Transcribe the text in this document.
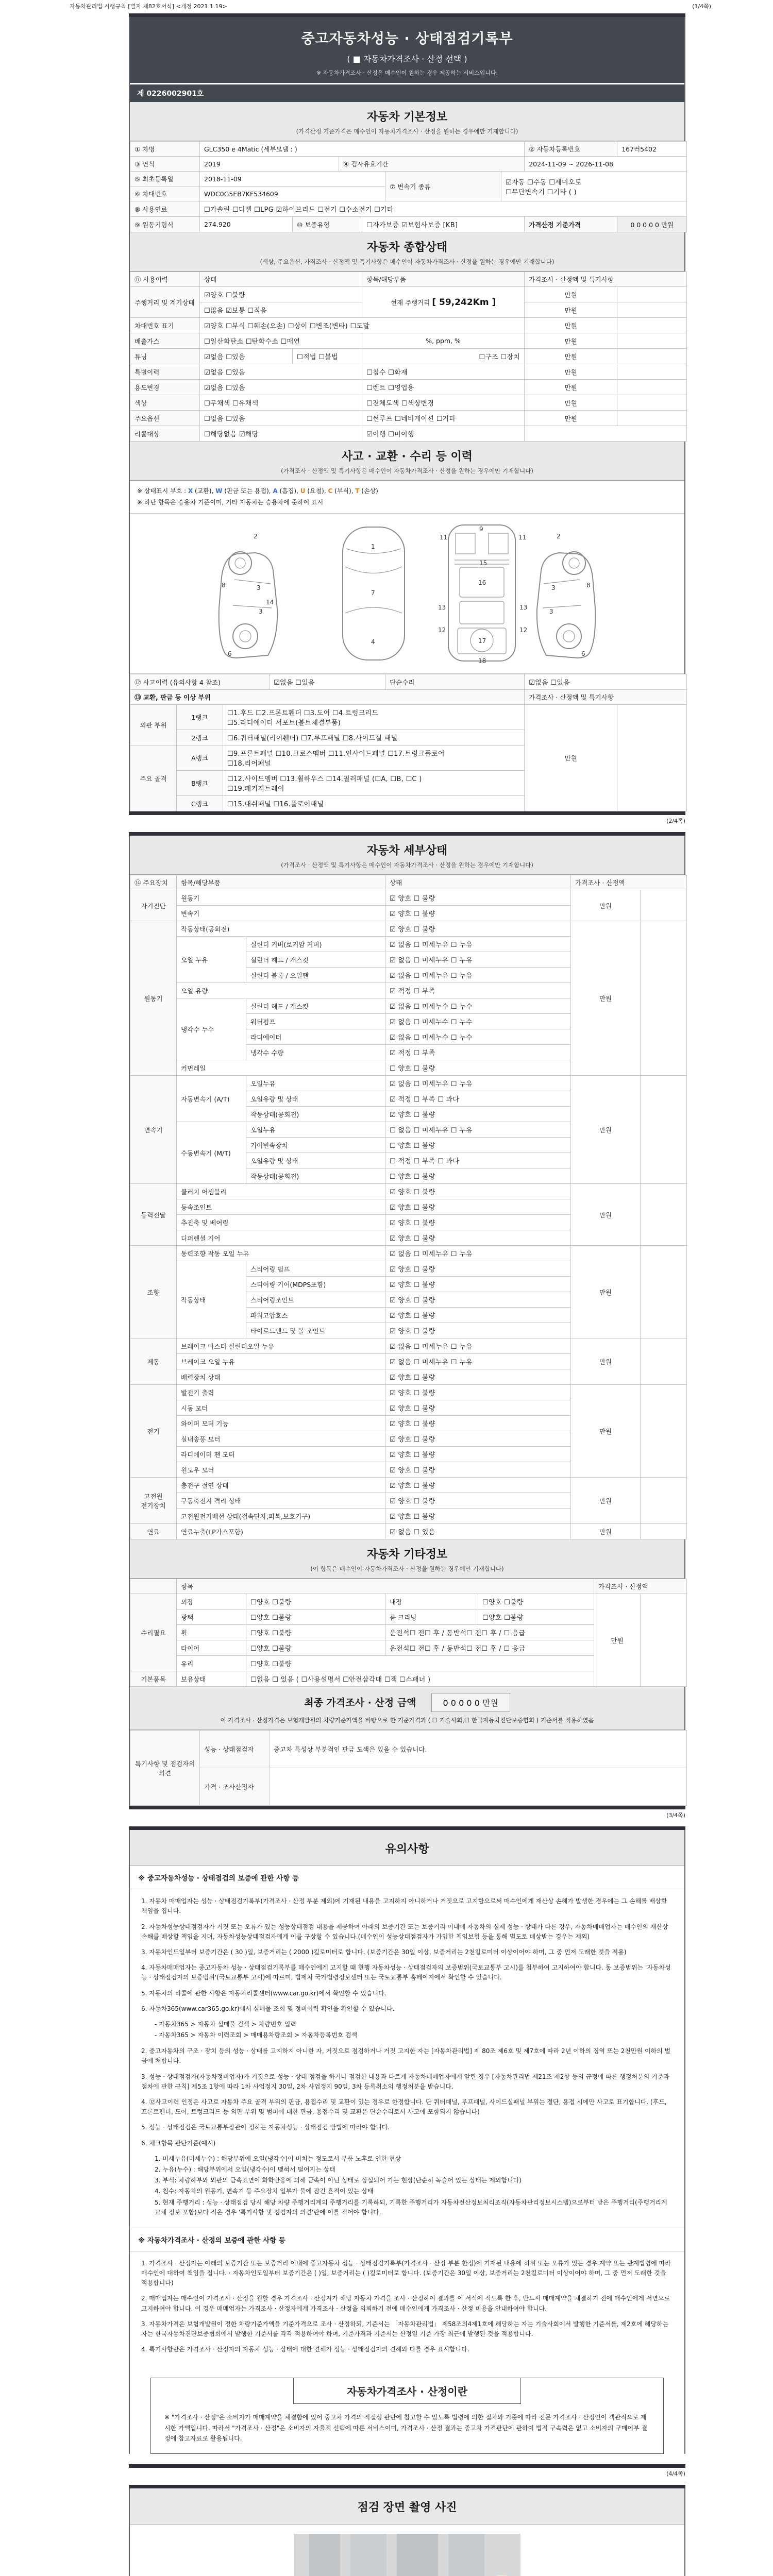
자동차관리법 시행규칙 [별지 제82호서식] <개정 2021.1.19>	(1/4쪽)
중고자동차성능 · 상태점검기록부
( ■ 자동차가격조사 · 산정 선택 )
※ 자동차가격조사 · 산정은 매수인이 원하는 경우 제공하는 서비스입니다.
제 0226002901호
자동차 기본정보
(가격산정 기준가격은 매수인이 자동차가격조사 · 산정을 원하는 경우에만 기재합니다)
① 차명	GLC350 e 4Matic (세부모델 : )						② 자동차등록번호	167러5402
③ 연식	2019		④ 검사유효기간				2024-11-09 ~ 2026-11-08	
⑤ 최초등록일	2018-11-09				⑦ 변속기 종류	☑자동 ☐수동 ☐세미오토
☐무단변속기 ☐기타 ( )		

⑥ 차대번호	WDC0G5EB7KF534609							
⑧ 사용연료	☐가솔린 ☐디젤 ☐LPG ☑하이브리드 ☐전기 ☐수소전기 ☐기타							
⑨ 원동기형식	274.920	⑩ 보증유형		☐자가보증 ☑보험사보증 [KB]			가격산정 기준가격	0 0 0 0 0 만원
자동차 종합상태
(색상, 주요옵션, 가격조사 · 산정액 및 특기사항은 매수인이 자동차가격조사 · 산정을 원하는 경우에만 기재합니다)
⑪ 사용이력	상태		항목/해당부품	가격조사 · 산정액 및 특기사항	
주행거리 및 계기상태	☑양호 ☐불량		현재 주행거리 [ 59,242Km ]	만원	
	☐많음 ☑보통 ☐적음			만원	
차대번호 표기	☑양호 ☐부식 ☐훼손(오손) ☐상이 ☐변조(변타) ☐도말			만원	
배출가스	☐일산화탄소 ☐탄화수소 ☐매연		%, ppm, %	만원	
튜닝	☑없음 ☐있음	☐적법 ☐불법	☐구조 ☐장치	만원	
특별이력	☑없음 ☐있음		☐침수 ☐화재	만원	
용도변경	☑없음 ☐있음		☐렌트 ☐영업용	만원	
색상	☐무채색 ☐유채색		☐전체도색 ☐색상변경	만원	
주요옵션	☐없음 ☐있음		☐썬루프 ☐네비게이션 ☐기타	만원	
리콜대상	☐해당없음 ☑해당		☑이행 ☐미이행		
사고 · 교환 · 수리 등 이력
(가격조사 · 산정액 및 특기사항은 매수인이 자동차가격조사 · 산정을 원하는 경우에만 기재합니다)
※ 상태표시 부호 : X (교환), W (판금 또는 용접), A (흠집), U (요철), C (부식), T (손상)
※ 하단 항목은 승용차 기준이며, 기타 자동차는 승용차에 준하여 표시
2
8	3
3
14
6
1
7
4
11	11
9
15
16
13	13
12	12
17
18
2
8
3
3
6
⑫ 사고이력 (유의사항 4 참조)			☑없음 ☐있음	단순수리	☑없음 ☐있음	
⑬ 교환, 판금 등 이상 부위					가격조사 · 산정액 및 특기사항	
외판 부위	1랭크	☐1.후드 ☐2.프론트휀더 ☐3.도어 ☐4.트렁크리드
☐5.라디에이터 서포트(볼트체결부품)			만원	
	2랭크	☐6.쿼터패널(리어휀더) ☐7.루프패널 ☐8.사이드실 패널				
주요 골격	A랭크	☐9.프론트패널 ☐10.크로스멤버 ☐11.인사이드패널 ☐17.트렁크플로어
☐18.리어패널				

	B랭크	☐12.사이드멤버 ☐13.휠하우스 ☐14.필러패널 (☐A, ☐B, ☐C )
☐19.패키지트레이				

	C랭크	☐15.대쉬패널 ☐16.플로어패널				
(2/4쪽)
자동차 세부상태
(가격조사 · 산정액 및 특기사항은 매수인이 자동차가격조사 · 산정을 원하는 경우에만 기재합니다)
⑭ 주요장치	항목/해당부품		상태	가격조사 · 산정액	
자기진단	원동기		☑ 양호 ☐ 불량	만원	
	변속기		☑ 양호 ☐ 불량		
원동기	작동상태(공회전)		☑ 양호 ☐ 불량	만원	
	오일 누유	실린더 커버(로커암 커버)	☑ 없음 ☐ 미세누유 ☐ 누유		
		실린더 헤드 / 개스킷	☑ 없음 ☐ 미세누유 ☐ 누유		
		실린더 블록 / 오일팬	☑ 없음 ☐ 미세누유 ☐ 누유		
	오일 유량		☑ 적정 ☐ 부족		
	냉각수 누수	실린더 헤드 / 개스킷	☑ 없음 ☐ 미세누수 ☐ 누수		
		워터펌프	☑ 없음 ☐ 미세누수 ☐ 누수		
		라디에이터	☑ 없음 ☐ 미세누수 ☐ 누수		
		냉각수 수량	☑ 적정 ☐ 부족		
	커먼레일		☐ 양호 ☐ 불량		
변속기	자동변속기 (A/T)	오일누유	☑ 없음 ☐ 미세누유 ☐ 누유	만원	
		오일유량 및 상태	☑ 적정 ☐ 부족 ☐ 과다		
		작동상태(공회전)	☑ 양호 ☐ 불량		
	수동변속기 (M/T)	오일누유	☐ 없음 ☐ 미세누유 ☐ 누유		
		기어변속장치	☐ 양호 ☐ 불량		
		오일유량 및 상태	☐ 적정 ☐ 부족 ☐ 과다		
		작동상태(공회전)	☐ 양호 ☐ 불량		
동력전달	클러치 어셈블리		☑ 양호 ☐ 불량	만원	
	등속조인트		☑ 양호 ☐ 불량		
	추진축 및 베어링		☑ 양호 ☐ 불량		
	디퍼렌셜 기어		☑ 양호 ☐ 불량		
조향	동력조향 작동 오일 누유		☑ 없음 ☐ 미세누유 ☐ 누유	만원	
	작동상태	스티어링 펌프	☑ 양호 ☐ 불량		
		스티어링 기어(MDPS포함)	☑ 양호 ☐ 불량		
		스티어링조인트	☑ 양호 ☐ 불량		
		파워고압호스	☑ 양호 ☐ 불량		
		타이로드엔드 및 볼 조인트	☑ 양호 ☐ 불량		
제동	브레이크 마스터 실린더오일 누유		☑ 없음 ☐ 미세누유 ☐ 누유	만원	
	브레이크 오일 누유		☑ 없음 ☐ 미세누유 ☐ 누유		
	배력장치 상태		☑ 양호 ☐ 불량		
전기	발전기 출력		☑ 양호 ☐ 불량	만원	
	시동 모터		☑ 양호 ☐ 불량		
	와이퍼 모터 기능		☑ 양호 ☐ 불량		
	실내송풍 모터		☑ 양호 ☐ 불량		
	라디에이터 팬 모터		☑ 양호 ☐ 불량		
	윈도우 모터		☑ 양호 ☐ 불량		
고전원 전기장치	충전구 절연 상태		☑ 양호 ☐ 불량	만원	
	구동축전지 격리 상태		☑ 양호 ☐ 불량		
	고전원전기배선 상태(접속단자,피복,보호기구)		☑ 양호 ☐ 불량		
연료	연료누출(LP가스포함)		☑ 없음 ☐ 있음	만원	
자동차 기타정보
(이 항목은 매수인이 자동차가격조사 · 산정을 원하는 경우에만 기재합니다)
	항목				가격조사 · 산정액	
수리필요	외장	☐양호 ☐불량	내장	☐양호 ☐불량	만원	
	광택	☐양호 ☐불량	룸 크리닝	☐양호 ☐불량		
	휠	☐양호 ☐불량	운전석☐ 전☐ 후 / 동반석☐ 전☐ 후 / ☐ 응급			
	타이어	☐양호 ☐불량	운전석☐ 전☐ 후 / 동반석☐ 전☐ 후 / ☐ 응급			
	유리	☐양호 ☐불량				
기본품목	보유상태	☐없음 ☐ 있음 ( ☐사용설명서 ☐안전삼각대 ☐잭 ☐스패너 )				
최종 가격조사 · 산정 금액	0 0 0 0 0 만원
이 가격조사 · 산정가격은 보험개발원의 차량기준가액을 바탕으로 한 기준가격과 ( ☐ 기술사회,☐ 한국자동차진단보증협회 ) 기준서를 적용하였음
특기사항 및 점검자의 의견	성능 · 상태점검자	중고차 특성상 부분적인 판금 도색은 있을 수 있습니다.
	가격 · 조사산정자	
(3/4쪽)
유의사항
※ 중고자동차성능 · 상태점검의 보증에 관한 사항 등
1. 자동차 매매업자는 성능 · 상태점검기록부(가격조사 · 산정 부분 제외)에 기재된 내용을 고지하지 아니하거나 거짓으로 고지함으로써 매수인에게 재산상 손해가 발생한 경우에는 그 손해를 배상할 책임을 집니다.
2. 자동차성능상태점검자가 거짓 또는 오류가 있는 성능상태점검 내용을 제공하여 아래의 보증기간 또는 보증거리 이내에 자동차의 실제 성능 · 상태가 다른 경우, 자동차매매업자는 매수인의 재산상 손해를 배상할 책임을 지며, 자동차성능상태점검자에게 이를 구상할 수 있습니다.(매수인이 성능상태점검자가 가입한 책임보험 등을 통해 별도로 배상받는 경우는 제외)
3. 자동차인도일부터 보증기간은 ( 30 )일, 보증거리는 ( 2000 )킬로미터로 합니다. (보증기간은 30일 이상, 보증거리는 2천킬로미터 이상이어야 하며, 그 중 먼저 도래한 것을 적용)
4. 자동차매매업자는 중고자동차 성능 · 상태점검기록부를 매수인에게 고지할 때 현행 자동차성능 · 상태점검자의 보증범위(국토교통부 고시)를 첨부하여 고지하여야 합니다. 동 보증범위는 '자동차성능 · 상태점검자의 보증범위'(국토교통부 고시)에 따르며, 법제처 국가법령정보센터 또는 국토교통부 홈페이지에서 확인할 수 있습니다.
5. 자동차의 리콜에 관한 사항은 자동차리콜센터(www.car.go.kr)에서 확인할 수 있습니다.
6. 자동차365(www.car365.go.kr)에서 실매물 조회 및 정비이력 확인을 확인할 수 있습니다.
- 자동차365 > 자동차 실매물 검색 > 차량번호 입력
- 자동차365 > 자동차 이력조회 > 매매용차량조회 > 자동차등록번호 검색
2. 중고자동차의 구조 · 장치 등의 성능 · 상태를 고지하지 아니한 자, 거짓으로 점검하거나 거짓 고지한 자는 [자동차관리법] 제 80조 제6호 및 제7호에 따라 2년 이하의 징역 또는 2천만원 이하의 벌금에 처합니다.
3. 성능 · 상태점검자(자동차정비업자)가 거짓으로 성능 · 상태 점검을 하거나 점검한 내용과 다르게 자동차매매업자에게 알린 경우 [자동차관리법 제21조 제2항 등의 규정에 따른 행정처분의 기준과 절차에 관한 규칙] 제5조 1항에 따라 1차 사업정지 30일, 2차 사업정지 90일, 3차 등록취소의 행정처분을 받습니다.
4. ⑫사고이력 인정은 사고로 자동차 주요 골격 부위의 판금, 용접수리 및 교환이 있는 경우로 한정합니다. 단 쿼터패널, 루프패널, 사이드실패널 부위는 절단, 용접 시에만 사고로 표기합니다. (후드, 프론트펜더, 도어, 트렁크리드 등 외판 부위 및 범퍼에 대한 판금, 용접수리 및 교환은 단순수리로서 사고에 포함되지 않습니다)
5. 성능 · 상태점검은 국토교통부장관이 정하는 자동차성능 · 상태점검 방법에 따라야 합니다.
6. 체크항목 판단기준(예시)
1. 미세누유(미세누수) : 해당부위에 오일(냉각수)이 비치는 정도로서 부품 노후로 인한 현상
2. 누유(누수) : 해당부위에서 오일(냉각수)이 맺혀서 떨어지는 상태
3. 부식: 차량하부와 외판의 금속표면이 화학반응에 의해 금속이 아닌 상태로 상실되어 가는 현상(단순히 녹슬어 있는 상태는 제외합니다)
4. 침수: 자동차의 원동기, 변속기 등 주요장치 일부가 물에 잠긴 흔적이 있는 상태
5. 현재 주행거리 : 성능 · 상태점검 당시 해당 차량 주행거리계의 주행거리를 기록하되, 기록한 주행거리가 자동차전산정보처리조직(자동차관리정보시스템)으로부터 받은 주행거리(주행거리계 교체 정보 포함)보다 적은 경우 '특기사항 및 점검자의 의견'란에 이를 적어야 합니다.
※ 자동차가격조사 · 산정의 보증에 관한 사항 등
1. 가격조사 · 산정자는 아래의 보증기간 또는 보증거리 이내에 중고자동차 성능 · 상태점검기록부(가격조사 · 산정 부분 한정)에 기재된 내용에 허위 또는 오류가 있는 경우 계약 또는 관계법령에 따라 매수인에 대하여 책임을 집니다. · 자동차인도일부터 보증기간은 ( )일, 보증거리는 ( )킬로미터로 합니다. (보증기간은 30일 이상, 보증거리는 2천킬로미터 이상이어야 하며, 그 중 먼저 도래한 것을 적용합니다)
2. 매매업자는 매수인이 가격조사 · 산정을 원할 경우 가격조사 · 산정자가 해당 자동차 가격을 조사 · 산정하여 결과를 이 서식에 적도록 한 후, 반드시 매매계약을 체결하기 전에 매수인에게 서면으로 고지하여야 합니다. 이 경우 매매업자는 가격조사 · 산정자에게 가격조사 · 산정을 의뢰하기 전에 매수인에게 가격조사 · 산정 비용을 안내하여야 합니다.
3. 자동차가격은 보험개발원이 정한 차량기준가액을 기준가격으로 조사 · 산정하되, 기준서는 「자동차관리법」 제58조의4제1호에 해당하는 자는 기술사회에서 발행한 기준서를, 제2호에 해당하는 자는 한국자동차진단보증협회에서 발행한 기준서를 각각 적용하여야 하며, 기준가격과 기준서는 산정일 기준 가장 최근에 발행된 것을 적용합니다.
4. 특기사항란은 가격조사 · 산정자의 자동차 성능 · 상태에 대한 견해가 성능 · 상태점검자의 견해와 다를 경우 표시합니다.
자동차가격조사 · 산정이란
※ "가격조사 · 산정"은 소비자가 매매계약을 체결함에 있어 중고차 가격의 적절성 판단에 참고할 수 있도록 법령에 의한 절차와 기준에 따라 전문 가격조사 · 산정인이 객관적으로 제시한 가액입니다. 따라서 "가격조사 · 산정"은 소비자의 자율적 선택에 따른 서비스이며, 가격조사 · 산정 결과는 중고차 가격판단에 관하여 법적 구속력은 없고 소비자의 구매여부 결정에 참고자료로 활용됩니다.
(4/4쪽)
점검 장면 촬영 사진
